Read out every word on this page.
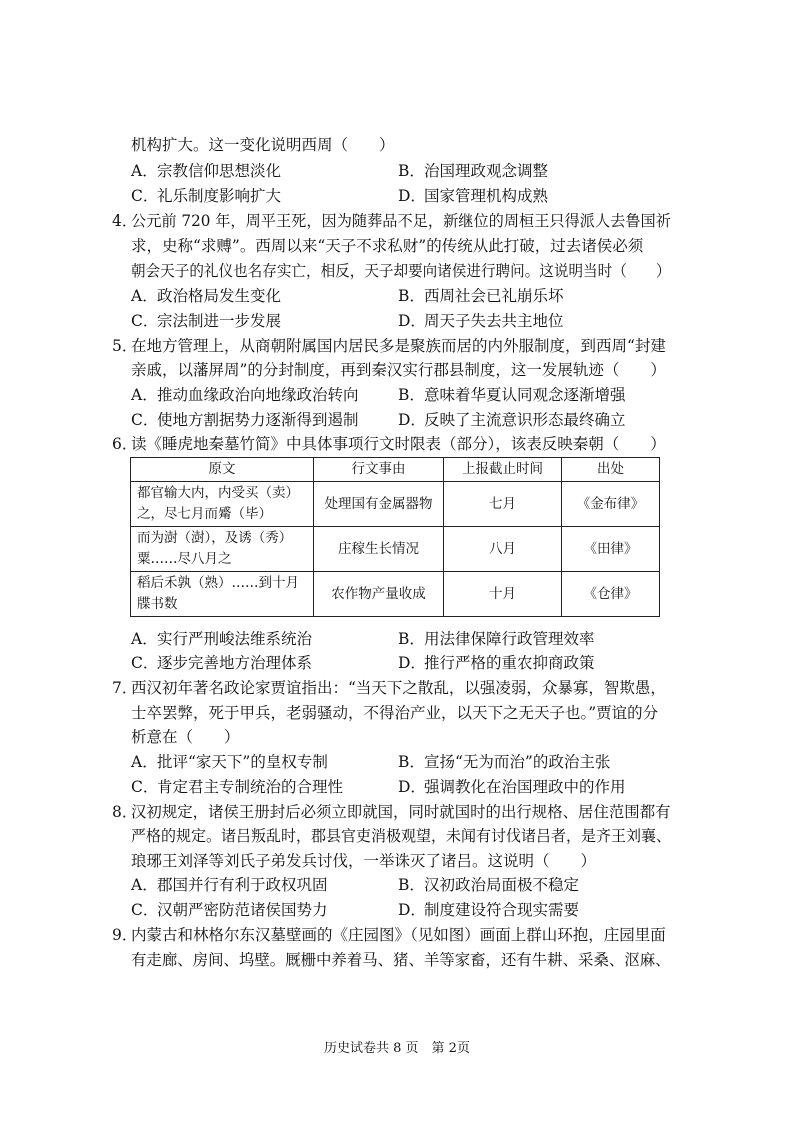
机构扩大。这一变化说明西周（　　）
A．宗教信仰思想淡化	B．治国理政观念调整
C．礼乐制度影响扩大	D．国家管理机构成熟
4．
公元前 720 年，周平王死，因为随葬品不足，新继位的周桓王只得派人去鲁国祈
求，史称“求赙”。西周以来“天子不求私财”的传统从此打破，过去诸侯必须
朝会天子的礼仪也名存实亡，相反，天子却要向诸侯进行聘问。这说明当时（　　）
A．政治格局发生变化	B．西周社会已礼崩乐坏
C．宗法制进一步发展	D．周天子失去共主地位
5．
在地方管理上，从商朝附属国内居民多是聚族而居的内外服制度，到西周“封建
亲戚，以藩屏周”的分封制度，再到秦汉实行郡县制度，这一发展轨迹（　　）
A．推动血缘政治向地缘政治转向	B．意味着华夏认同观念逐渐增强
C．使地方割据势力逐渐得到遏制	D．反映了主流意识形态最终确立
6．
读《睡虎地秦墓竹简》中具体事项行文时限表（部分），该表反映秦朝（　　）
原文	行文事由	上报截止时间	出处
都官输大内，内受买（卖）之，尽七月而觱（毕）	处理国有金属器物	七月	《金布律》
而为澍（澍），及诱（秀）粟……尽八月之	庄稼生长情况	八月	《田律》
稻后禾孰（熟）……到十月牒书数	农作物产量收成	十月	《仓律》
A．实行严刑峻法维系统治	B．用法律保障行政管理效率
C．逐步完善地方治理体系	D．推行严格的重农抑商政策
7．
西汉初年著名政论家贾谊指出：“当天下之散乱，以强凌弱，众暴寡，智欺愚，
士卒罢弊，死于甲兵，老弱骚动，不得治产业，以天下之无天子也。”贾谊的分
析意在（　　）
A．批评“家天下”的皇权专制	B．宣扬“无为而治”的政治主张
C．肯定君主专制统治的合理性	D．强调教化在治国理政中的作用
8．
汉初规定，诸侯王册封后必须立即就国，同时就国时的出行规格、居住范围都有
严格的规定。诸吕叛乱时，郡县官吏消极观望，未闻有讨伐诸吕者，是齐王刘襄、
琅琊王刘泽等刘氏子弟发兵讨伐，一举诛灭了诸吕。这说明（　　）
A．郡国并行有利于政权巩固	B．汉初政治局面极不稳定
C．汉朝严密防范诸侯国势力	D．制度建设符合现实需要
9．
内蒙古和林格尔东汉墓壁画的《庄园图》（见如图）画面上群山环抱，庄园里面
有走廊、房间、坞壁。厩栅中养着马、猪、羊等家畜，还有牛耕、采桑、沤麻、
历史试卷共 8 页　第 2页
